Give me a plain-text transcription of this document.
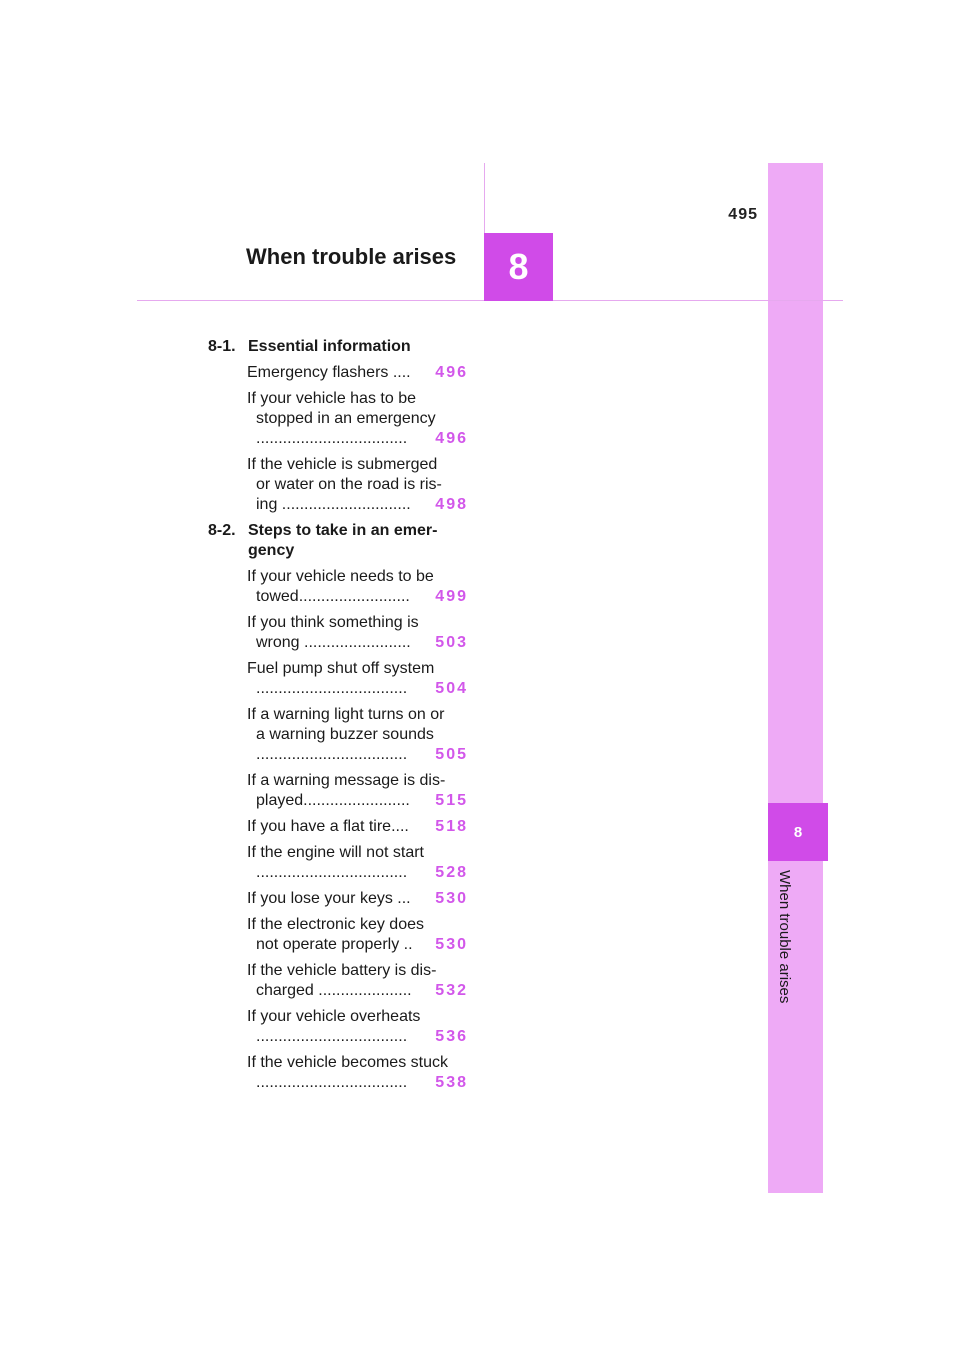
8
When trouble arises
495
8
When trouble arises
8-1. Essential information
Emergency flashers .... 496
If your vehicle has to be
stopped in an emergency
..................................	496
If the vehicle is submerged
or water on the road is ris-
ing .............................	498
8-2. Steps to take in an emer-
gency
If your vehicle needs to be
towed.........................	499
If you think something is
wrong ........................	503
Fuel pump shut off system
..................................	504
If a warning light turns on or
a warning buzzer sounds
..................................	505
If a warning message is dis-
played........................	515
If you have a flat tire.... 518
If the engine will not start
..................................	528
If you lose your keys ... 530
If the electronic key does
not operate properly ..	530
If the vehicle battery is dis-
charged .....................	532
If your vehicle overheats
..................................	536
If the vehicle becomes stuck
..................................	538
